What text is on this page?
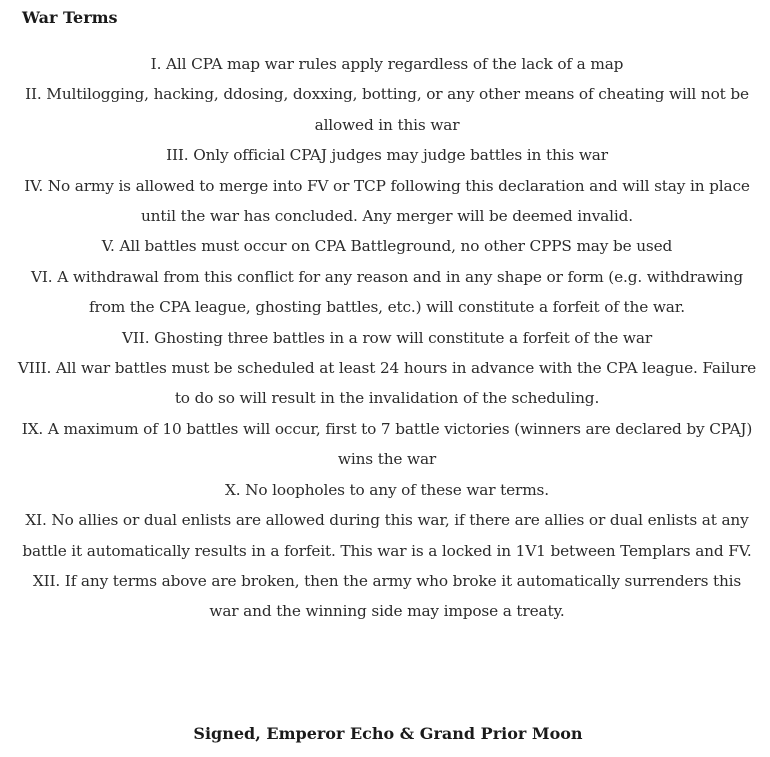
War Terms

I. All CPA map war rules apply regardless of the lack of a map

II. Multilogging, hacking, ddosing, doxxing, botting, or any other means of cheating will not be allowed in this war

III. Only official CPAJ judges may judge battles in this war

IV. No army is allowed to merge into FV or TCP following this declaration and will stay in place until the war has concluded. Any merger will be deemed invalid.

V. All battles must occur on CPA Battleground, no other CPPS may be used

VI. A withdrawal from this conflict for any reason and in any shape or form (e.g. withdrawing from the CPA league, ghosting battles, etc.) will constitute a forfeit of the war.

VII. Ghosting three battles in a row will constitute a forfeit of the war

VIII. All war battles must be scheduled at least 24 hours in advance with the CPA league. Failure to do so will result in the invalidation of the scheduling.

IX. A maximum of 10 battles will occur, first to 7 battle victories (winners are declared by CPAJ) wins the war

X. No loopholes to any of these war terms.

XI. No allies or dual enlists are allowed during this war, if there are allies or dual enlists at any battle it automatically results in a forfeit. This war is a locked in 1V1 between Templars and FV.

XII. If any terms above are broken, then the army who broke it automatically surrenders this war and the winning side may impose a treaty.

Signed, Emperor Echo & Grand Prior Moon
